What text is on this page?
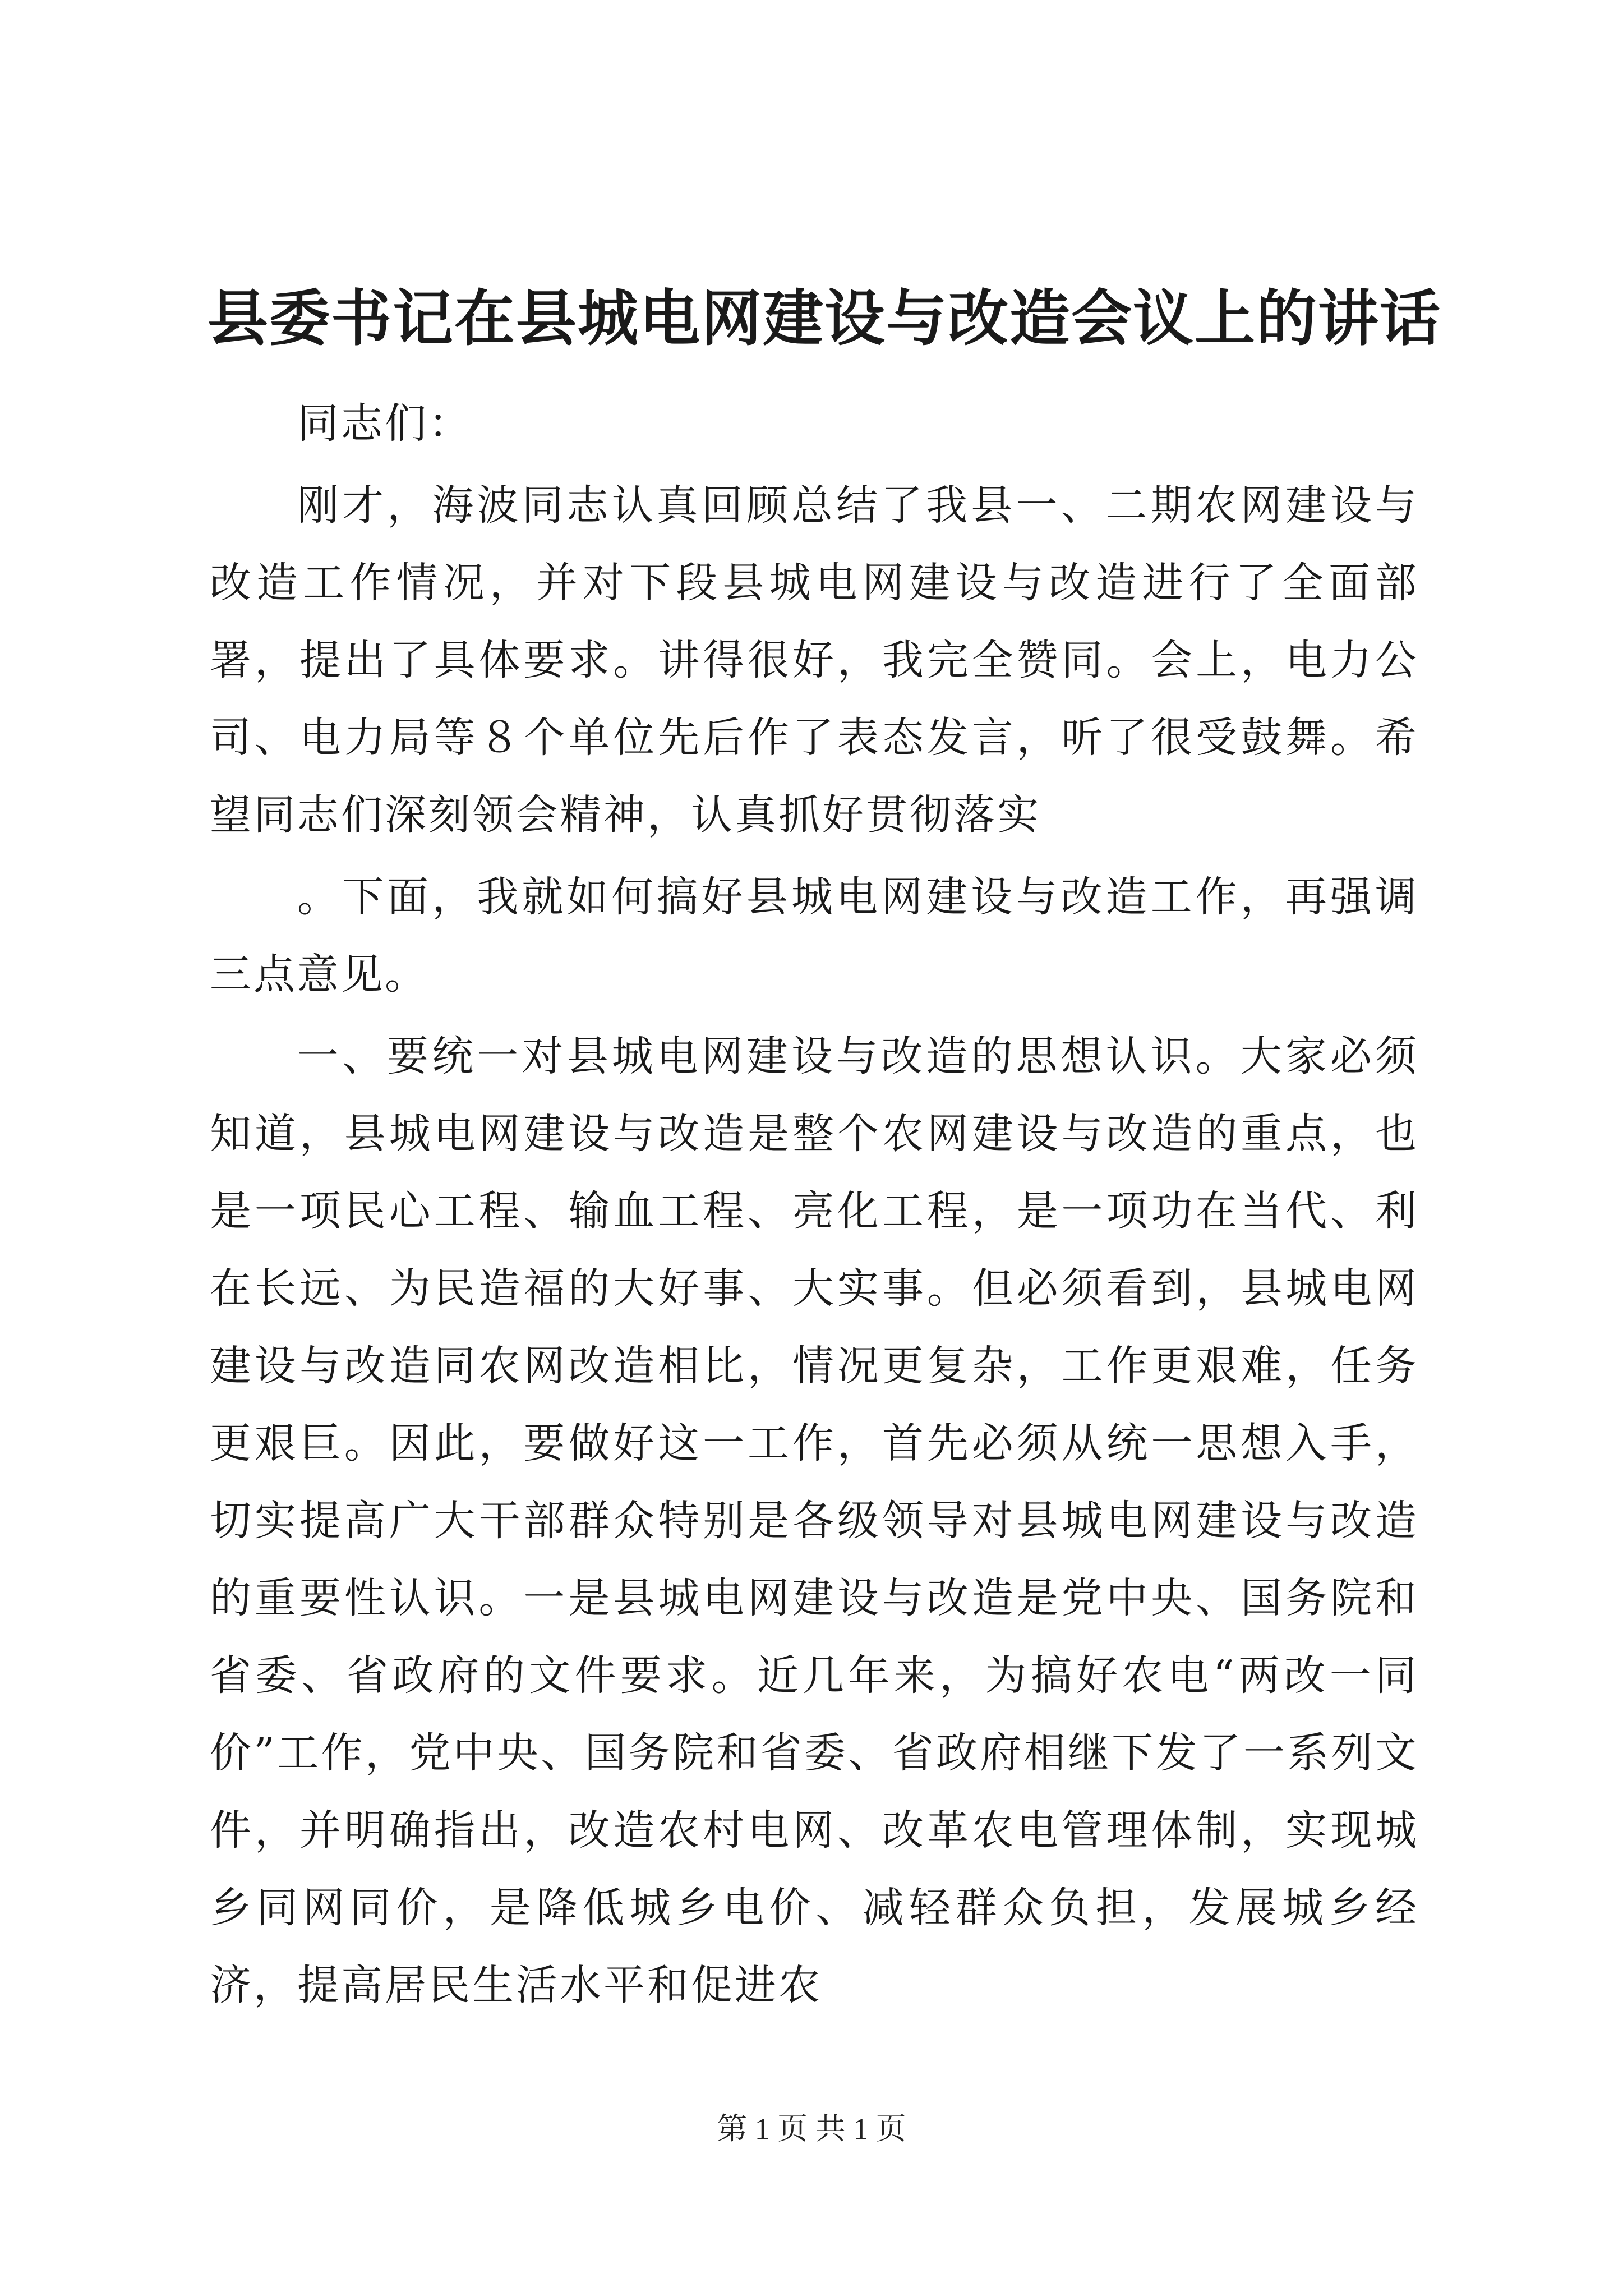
县委书记在县城电网建设与改造会议上的讲话

同志们：

刚才，海波同志认真回顾总结了我县一、二期农网建设与改造工作情况，并对下段县城电网建设与改造进行了全面部署，提出了具体要求。讲得很好，我完全赞同。会上，电力公司、电力局等８个单位先后作了表态发言，听了很受鼓舞。希望同志们深刻领会精神，认真抓好贯彻落实

。下面，我就如何搞好县城电网建设与改造工作，再强调三点意见。

一、要统一对县城电网建设与改造的思想认识。大家必须知道，县城电网建设与改造是整个农网建设与改造的重点，也是一项民心工程、输血工程、亮化工程，是一项功在当代、利在长远、为民造福的大好事、大实事。但必须看到，县城电网建设与改造同农网改造相比，情况更复杂，工作更艰难，任务更艰巨。因此，要做好这一工作，首先必须从统一思想入手，切实提高广大干部群众特别是各级领导对县城电网建设与改造的重要性认识。一是县城电网建设与改造是党中央、国务院和省委、省政府的文件要求。近几年来，为搞好农电“两改一同价”工作，党中央、国务院和省委、省政府相继下发了一系列文件，并明确指出，改造农村电网、改革农电管理体制，实现城乡同网同价，是降低城乡电价、减轻群众负担，发展城乡经济，提高居民生活水平和促进农

第 1 页 共 1 页
